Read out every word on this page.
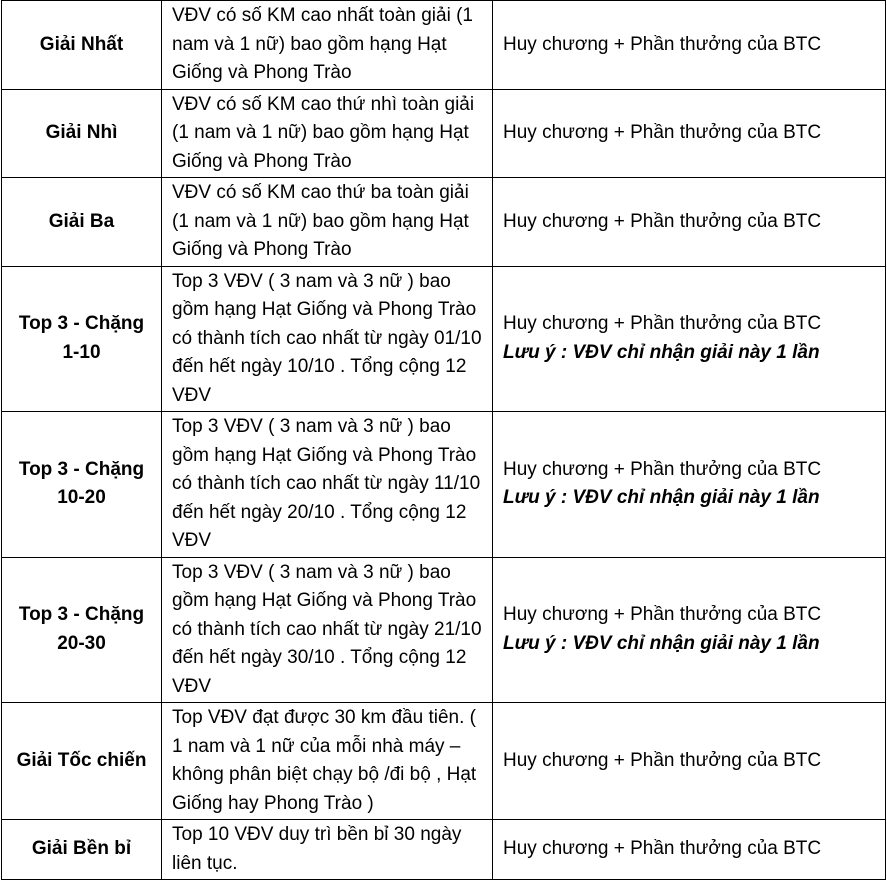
Giải Nhất	VĐV có số KM cao nhất toàn giải (1 nam và 1 nữ) bao gồm hạng Hạt Giống và Phong Trào	Huy chương + Phần thưởng của BTC
Giải Nhì	VĐV có số KM cao thứ nhì toàn giải (1 nam và 1 nữ) bao gồm hạng Hạt Giống và Phong Trào	Huy chương + Phần thưởng của BTC
Giải Ba	VĐV có số KM cao thứ ba toàn giải (1 nam và 1 nữ) bao gồm hạng Hạt Giống và Phong Trào	Huy chương + Phần thưởng của BTC
Top 3 - Chặng 1-10	Top 3 VĐV ( 3 nam và 3 nữ ) bao gồm hạng Hạt Giống và Phong Trào có thành tích cao nhất từ ngày 01/10 đến hết ngày 10/10 . Tổng cộng 12 VĐV	Huy chương + Phần thưởng của BTC
Lưu ý : VĐV chỉ nhận giải này 1 lần

Top 3 - Chặng 10-20	Top 3 VĐV ( 3 nam và 3 nữ ) bao gồm hạng Hạt Giống và Phong Trào có thành tích cao nhất từ ngày 11/10 đến hết ngày 20/10 . Tổng cộng 12 VĐV	Huy chương + Phần thưởng của BTC
Lưu ý : VĐV chỉ nhận giải này 1 lần

Top 3 - Chặng 20-30	Top 3 VĐV ( 3 nam và 3 nữ ) bao gồm hạng Hạt Giống và Phong Trào có thành tích cao nhất từ ngày 21/10 đến hết ngày 30/10 . Tổng cộng 12 VĐV	Huy chương + Phần thưởng của BTC
Lưu ý : VĐV chỉ nhận giải này 1 lần

Giải Tốc chiến	Top VĐV đạt được 30 km đầu tiên. ( 1 nam và 1 nữ của mỗi nhà máy – không phân biệt chạy bộ /đi bộ , Hạt Giống hay Phong Trào )	Huy chương + Phần thưởng của BTC
Giải Bền bỉ	Top 10 VĐV duy trì bền bỉ 30 ngày liên tục.	Huy chương + Phần thưởng của BTC
